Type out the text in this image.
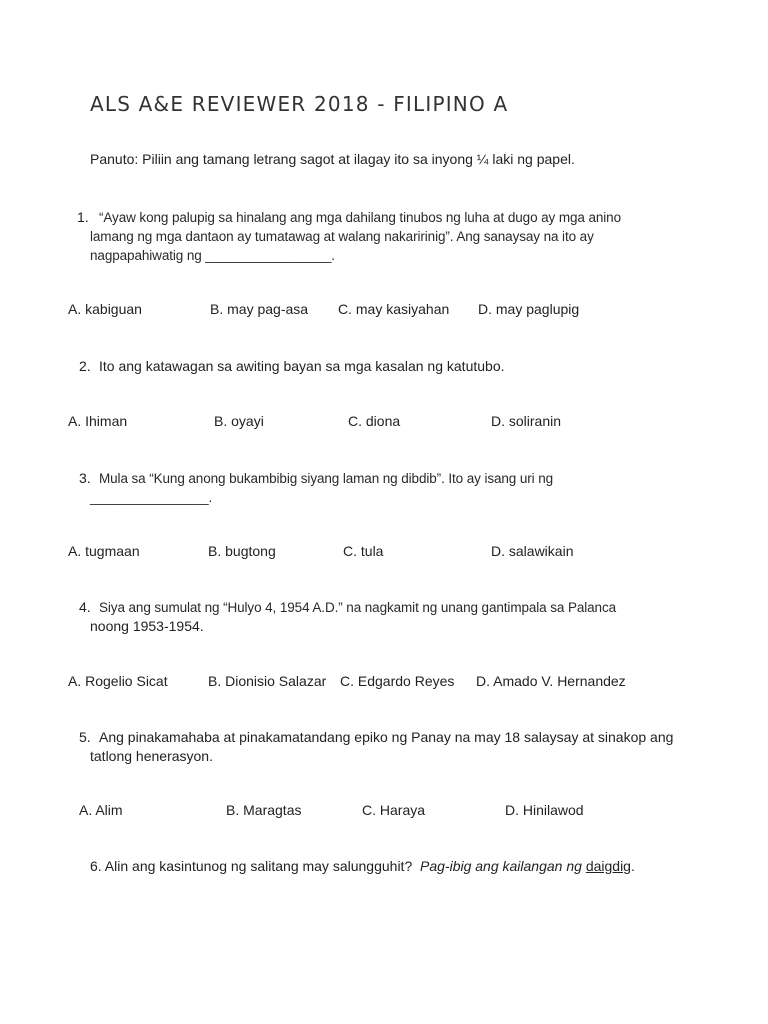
ALS A&E REVIEWER 2018 - FILIPINO A
Panuto: Piliin ang tamang letrang sagot at ilagay ito sa inyong ¼ laki ng papel.
1. “Ayaw kong palupig sa hinalang ang mga dahilang tinubos ng luha at dugo ay mga anino
lamang ng mga dantaon ay tumatawag at walang nakaririnig”. Ang sanaysay na ito ay
nagpapahiwatig ng _________________.
A. kabiguan	B. may pag-asa C. may kasiyahan D. may paglupig
2. Ito ang katawagan sa awiting bayan sa mga kasalan ng katutubo.
A. Ihiman	B. oyayi	C. diona	D. soliranin
3. Mula sa “Kung anong bukambibig siyang laman ng dibdib”. Ito ay isang uri ng
________________.
A. tugmaan	B. bugtong	C. tula	D. salawikain
4. Siya ang sumulat ng “Hulyo 4, 1954 A.D.” na nagkamit ng unang gantimpala sa Palanca
noong 1953-1954.
A. Rogelio Sicat	B. Dionisio Salazar C. Edgardo Reyes D. Amado V. Hernandez
5. Ang pinakamahaba at pinakamatandang epiko ng Panay na may 18 salaysay at sinakop ang
tatlong henerasyon.
A. Alim	B. Maragtas	C. Haraya	D. Hinilawod
6. Alin ang kasintunog ng salitang may salungguhit? Pag-ibig ang kailangan ng daigdig.
